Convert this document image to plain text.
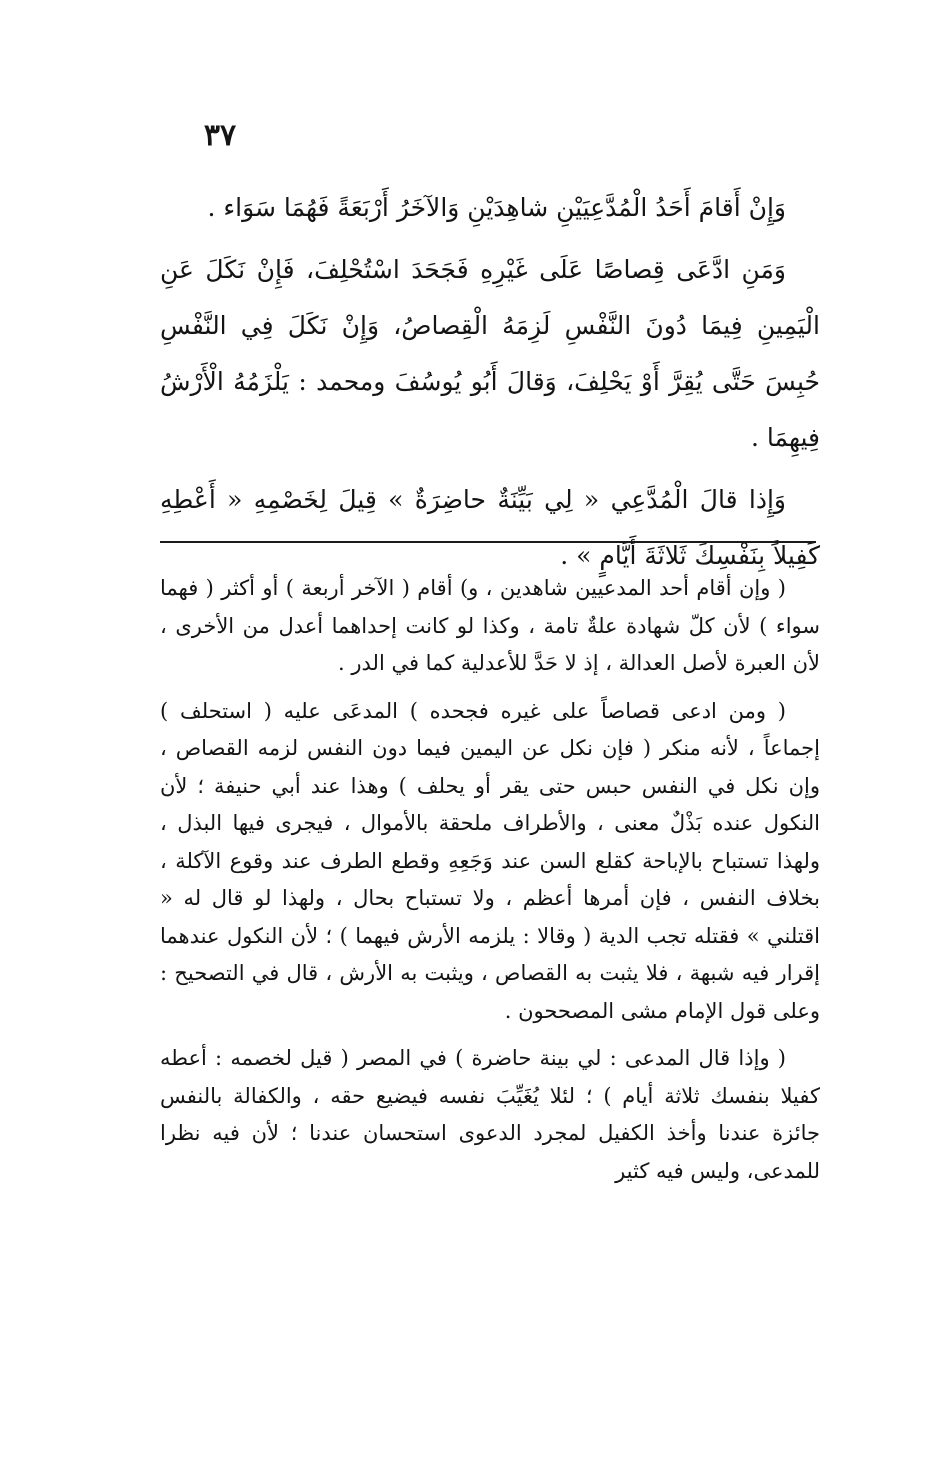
٣٧

وَإِنْ أَقامَ أَحَدُ الْمُدَّعِيَيْنِ شاهِدَيْنِ وَالآخَرُ أَرْبَعَةً فَهُمَا سَوَاء .

وَمَنِ ادَّعَى قِصاصًا عَلَى غَيْرِهِ فَجَحَدَ اسْتُحْلِفَ، فَإِنْ نَكَلَ عَنِ الْيَمِينِ فِيمَا دُونَ النَّفْسِ لَزِمَهُ الْقِصاصُ، وَإِنْ نَكَلَ فِي النَّفْسِ حُبِسَ حَتَّى يُقِرَّ أَوْ يَحْلِفَ، وَقالَ أَبُو يُوسُفَ ومحمد : يَلْزَمُهُ الْأَرْشُ فِيهِمَا .

وَإِذا قالَ الْمُدَّعِي « لِي بَيِّنَةٌ حاضِرَةٌ » قِيلَ لِخَصْمِهِ « أَعْطِهِ كَفِيلاً بِنَفْسِكَ ثَلاثَةَ أَيَّامٍ » .

( وإن أقام أحد المدعيين شاهدين ، و) أقام ( الآخر أربعة ) أو أكثر ( فهما سواء ) لأن كلّ شهادة علةٌ تامة ، وكذا لو كانت إحداهما أعدل من الأخرى ، لأن العبرة لأصل العدالة ، إذ لا حَدَّ للأعدلية كما في الدر .

( ومن ادعى قصاصاً على غيره فجحده ) المدعَى عليه ( استحلف ) إجماعاً ، لأنه منكر ( فإن نكل عن اليمين فيما دون النفس لزمه القصاص ، وإن نكل في النفس حبس حتى يقر أو يحلف ) وهذا عند أبي حنيفة ؛ لأن النكول عنده بَذْلٌ معنى ، والأطراف ملحقة بالأموال ، فيجرى فيها البذل ، ولهذا تستباح بالإباحة كقلع السن عند وَجَعِهِ وقطع الطرف عند وقوع الآكلة ، بخلاف النفس ، فإن أمرها أعظم ، ولا تستباح بحال ، ولهذا لو قال له « اقتلني » فقتله تجب الدية ( وقالا : يلزمه الأرش فيهما ) ؛ لأن النكول عندهما إقرار فيه شبهة ، فلا يثبت به القصاص ، ويثبت به الأرش ، قال في التصحيح : وعلى قول الإمام مشى المصححون .

( وإذا قال المدعى : لي بينة حاضرة ) في المصر ( قيل لخصمه : أعطه كفيلا بنفسك ثلاثة أيام ) ؛ لئلا يُغَيِّبَ نفسه فيضيع حقه ، والكفالة بالنفس جائزة عندنا وأخذ الكفيل لمجرد الدعوى استحسان عندنا ؛ لأن فيه نظرا للمدعى، وليس فيه كثير
